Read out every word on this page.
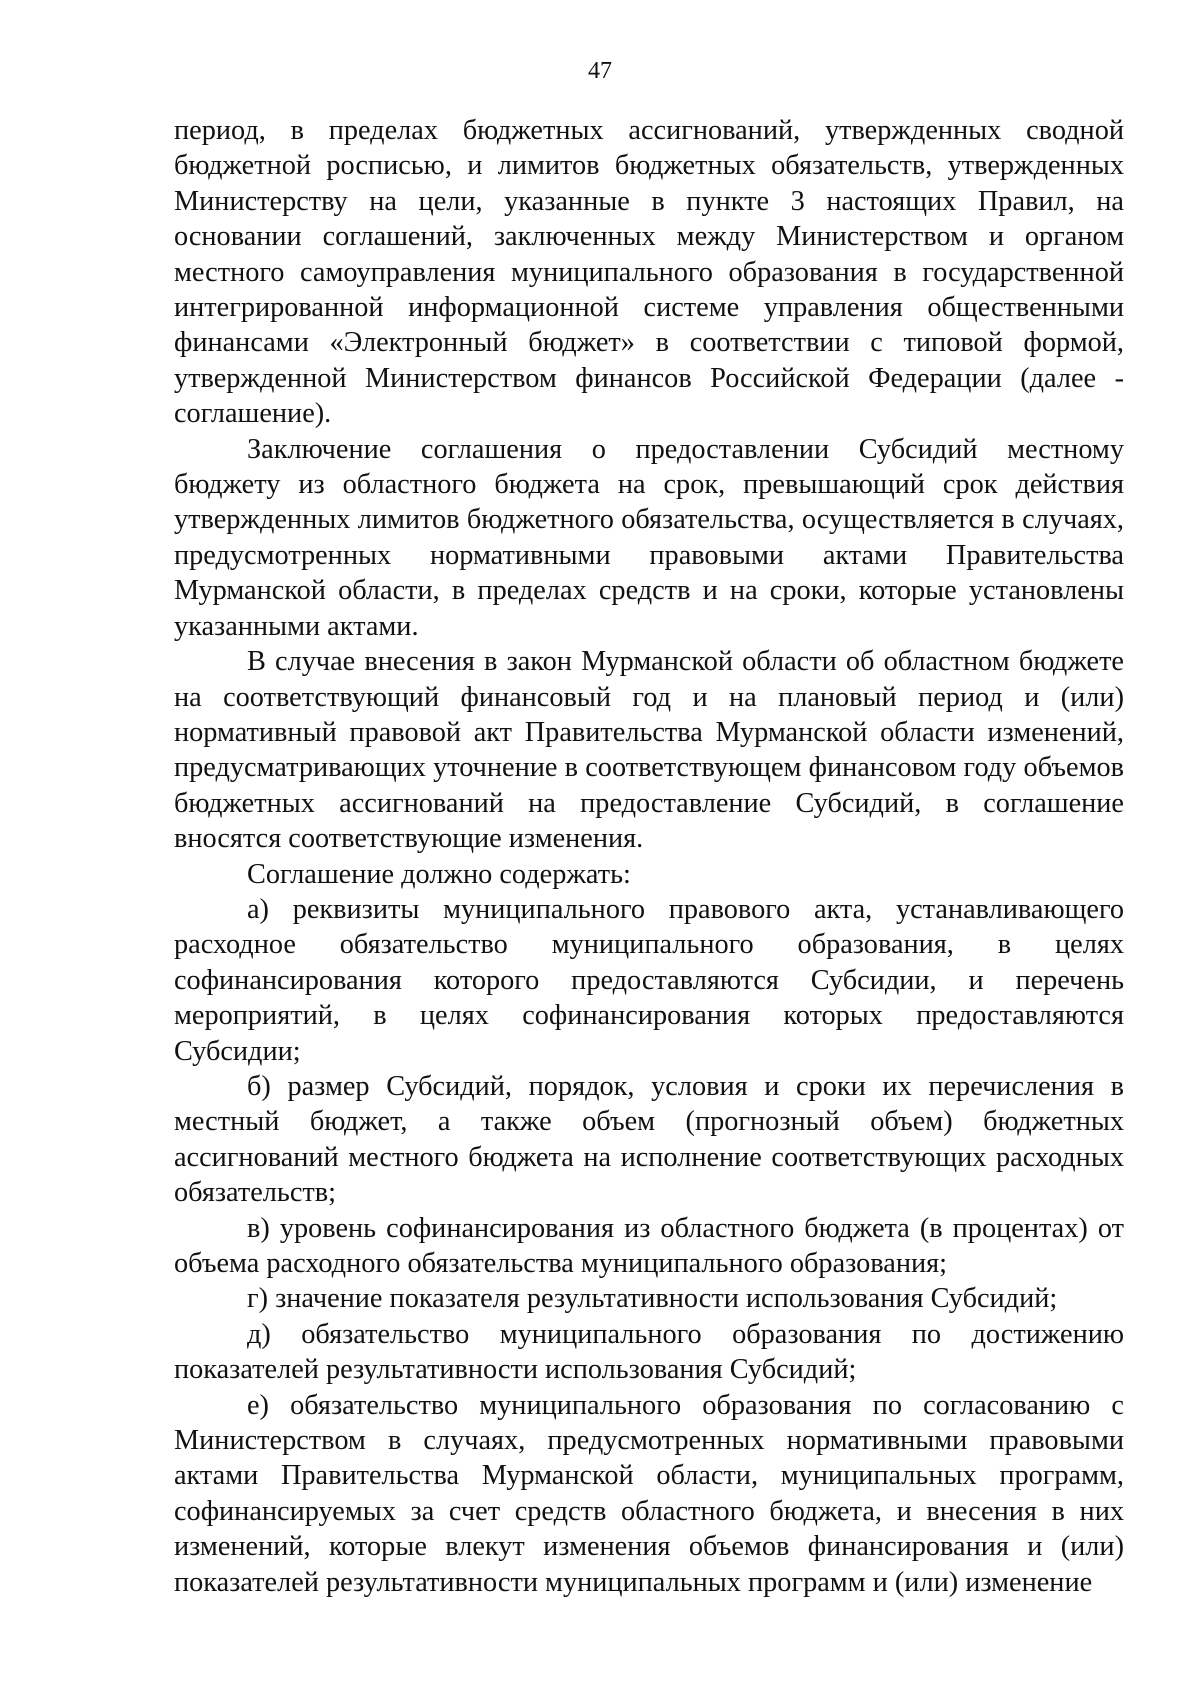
47

период, в пределах бюджетных ассигнований, утвержденных сводной бюджетной росписью, и лимитов бюджетных обязательств, утвержденных Министерству на цели, указанные в пункте 3 настоящих Правил, на основании соглашений, заключенных между Министерством и органом местного самоуправления муниципального образования в государственной интегрированной информационной системе управления общественными финансами «Электронный бюджет» в соответствии с типовой формой, утвержденной Министерством финансов Российской Федерации (далее - соглашение).

Заключение соглашения о предоставлении Субсидий местному бюджету из областного бюджета на срок, превышающий срок действия утвержденных лимитов бюджетного обязательства, осуществляется в случаях, предусмотренных нормативными правовыми актами Правительства Мурманской области, в пределах средств и на сроки, которые установлены указанными актами.

В случае внесения в закон Мурманской области об областном бюджете на соответствующий финансовый год и на плановый период и (или) нормативный правовой акт Правительства Мурманской области изменений, предусматривающих уточнение в соответствующем финансовом году объемов бюджетных ассигнований на предоставление Субсидий, в соглашение вносятся соответствующие изменения.

Соглашение должно содержать:

а) реквизиты муниципального правового акта, устанавливающего расходное обязательство муниципального образования, в целях софинансирования которого предоставляются Субсидии, и перечень мероприятий, в целях софинансирования которых предоставляются Субсидии;

б) размер Субсидий, порядок, условия и сроки их перечисления в местный бюджет, а также объем (прогнозный объем) бюджетных ассигнований местного бюджета на исполнение соответствующих расходных обязательств;

в) уровень софинансирования из областного бюджета (в процентах) от объема расходного обязательства муниципального образования;

г) значение показателя результативности использования Субсидий;

д) обязательство муниципального образования по достижению показателей результативности использования Субсидий;

е) обязательство муниципального образования по согласованию с Министерством в случаях, предусмотренных нормативными правовыми актами Правительства Мурманской области, муниципальных программ, софинансируемых за счет средств областного бюджета, и внесения в них изменений, которые влекут изменения объемов финансирования и (или) показателей результативности муниципальных программ и (или) изменение
